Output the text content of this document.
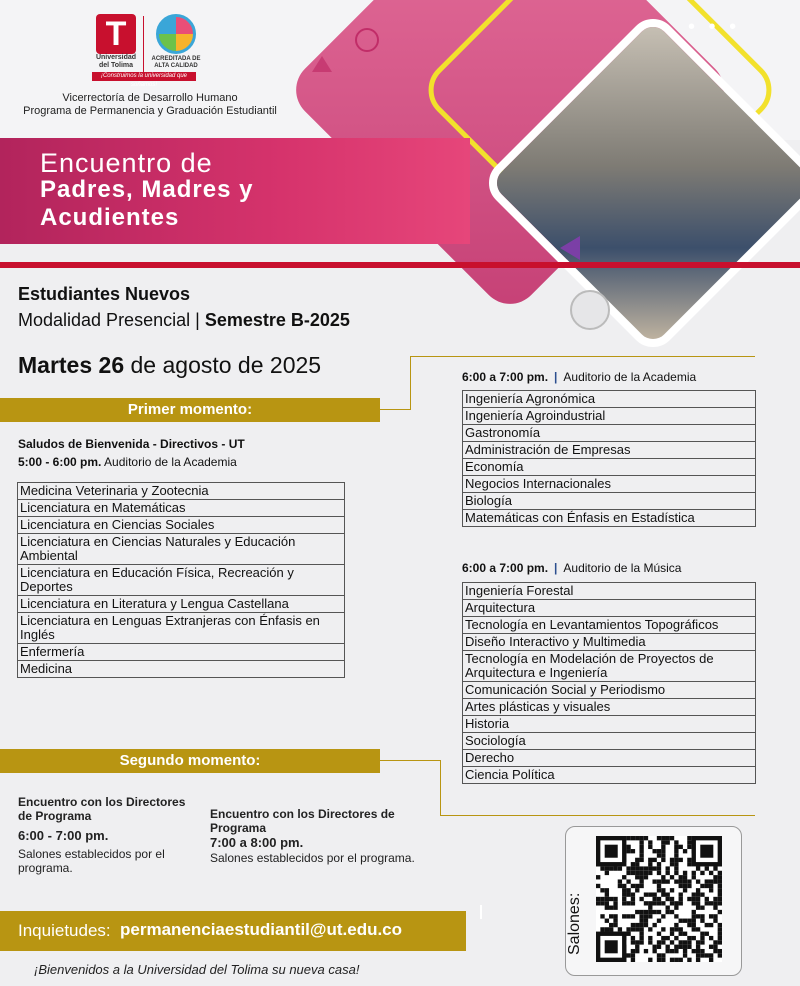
• • •
T
Universidad del Tolima
ACREDITADA DE ALTA CALIDAD
¡Construimos la universidad que soñamos!
Vicerrectoría de Desarrollo Humano
Programa de Permanencia y Graduación Estudiantil
Encuentro de
Padres, Madres y
Acudientes
Estudiantes Nuevos
Modalidad Presencial | Semestre B-2025
Martes 26 de agosto de 2025
Primer momento:
Saludos de Bienvenida - Directivos - UT
5:00 - 6:00 pm. Auditorio de la Academia
Medicina Veterinaria y Zootecnia
Licenciatura en Matemáticas
Licenciatura en Ciencias Sociales
Licenciatura en Ciencias Naturales y Educación Ambiental
Licenciatura en Educación Física, Recreación y Deportes
Licenciatura en Literatura y Lengua Castellana
Licenciatura en Lenguas Extranjeras con Énfasis en Inglés
Enfermería
Medicina
6:00 a 7:00 pm. | Auditorio de la Academia
Ingeniería Agronómica
Ingeniería Agroindustrial
Gastronomía
Administración de Empresas
Economía
Negocios Internacionales
Biología
Matemáticas con Énfasis en Estadística
6:00 a 7:00 pm. | Auditorio de la Música
Ingeniería Forestal
Arquitectura
Tecnología en Levantamientos Topográficos
Diseño Interactivo y Multimedia
Tecnología en Modelación de Proyectos de Arquitectura e Ingeniería
Comunicación Social y Periodismo
Artes plásticas y visuales
Historia
Sociología
Derecho
Ciencia Política
Segundo momento:
Encuentro con los Directores de Programa
6:00 - 7:00 pm.
Salones establecidos por el programa.
Encuentro con los Directores de Programa
7:00 a 8:00 pm.
Salones establecidos por el programa.
Inquietudes: permanenciaestudiantil@ut.edu.co
¡Bienvenidos a la Universidad del Tolima su nueva casa!
Salones:
